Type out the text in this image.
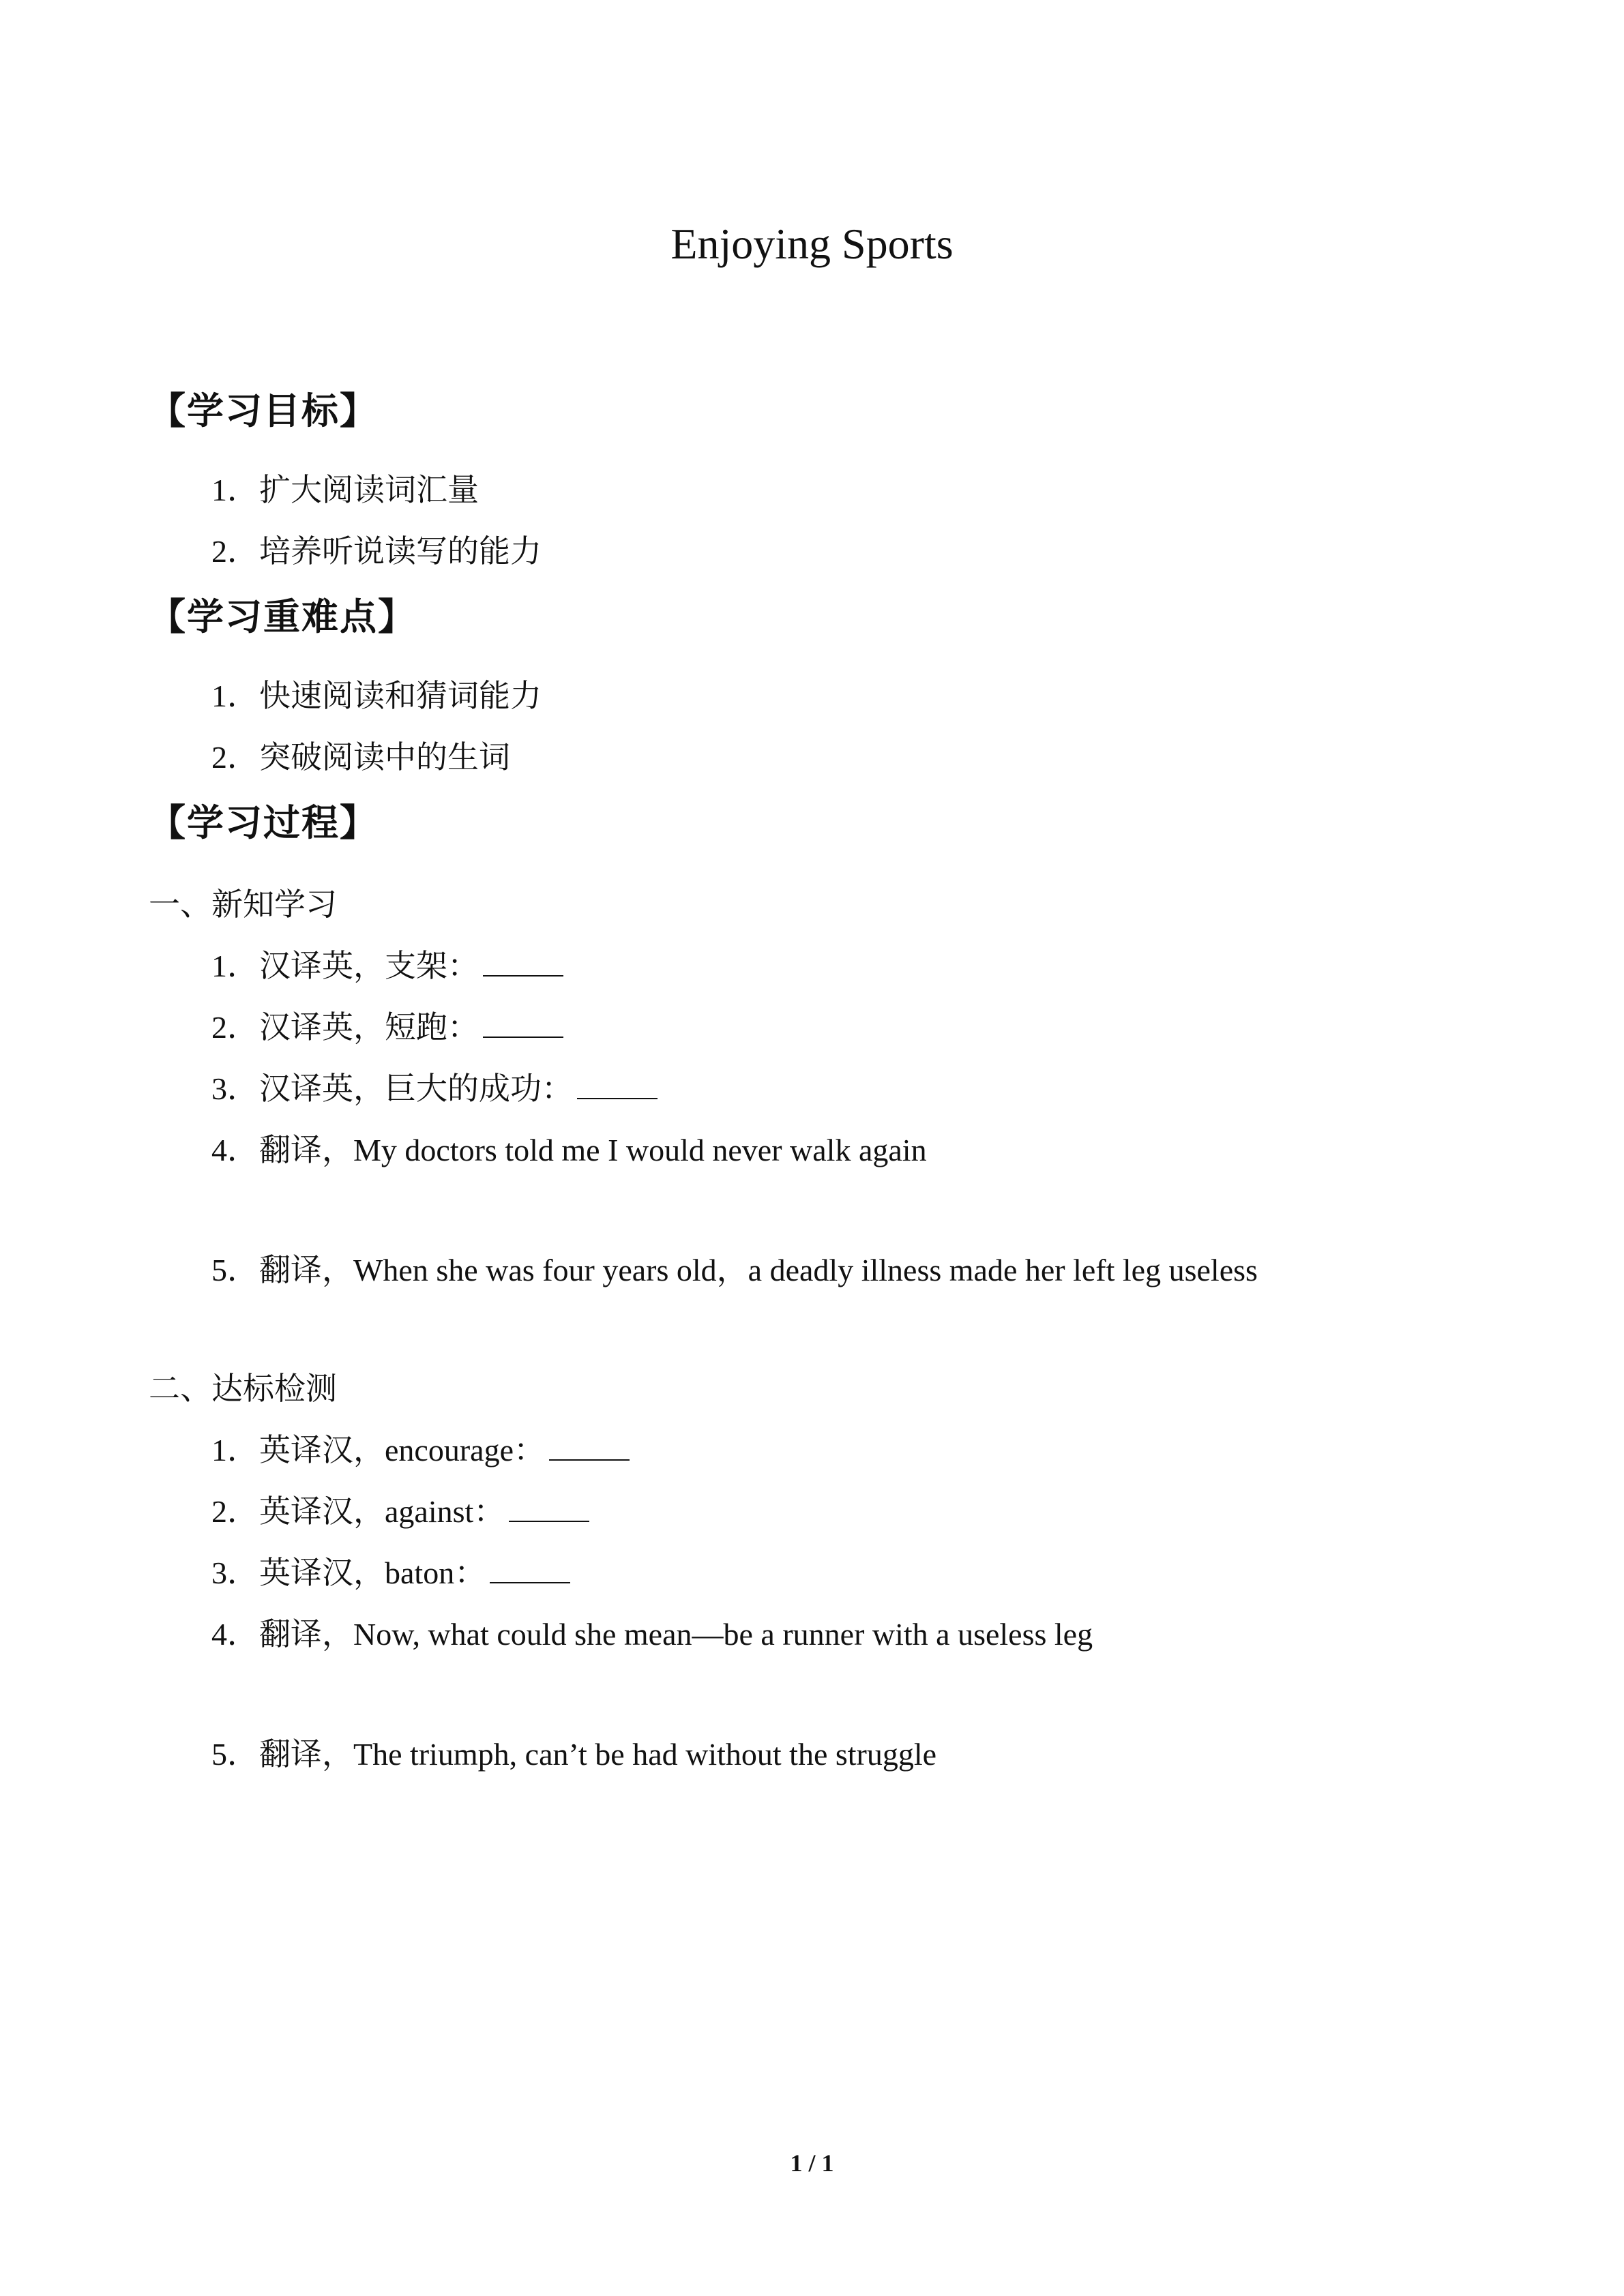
Enjoying Sports
【学习目标】
1．扩大阅读词汇量
2．培养听说读写的能力
【学习重难点】
1．快速阅读和猜词能力
2．突破阅读中的生词
【学习过程】
一、新知学习
1．汉译英，支架：
2．汉译英，短跑：
3．汉译英，巨大的成功：
4．翻译，My doctors told me I would never walk again
5．翻译，When she was four years old，a deadly illness made her left leg useless
二、达标检测
1．英译汉，encourage：
2．英译汉，against：
3．英译汉，baton：
4．翻译，Now, what could she mean—be a runner with a useless leg
5．翻译，The triumph, can’t be had without the struggle
1 / 1
